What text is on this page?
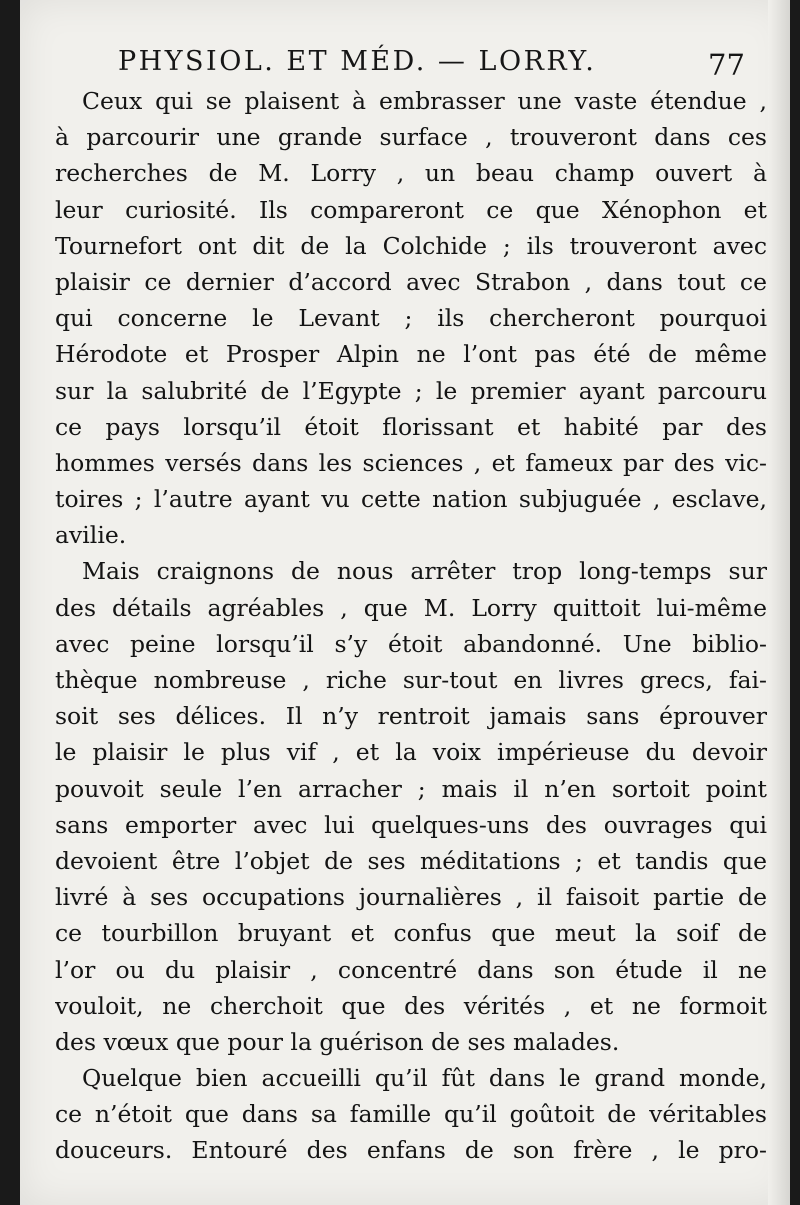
PHYSIOL. ET MÉD. — LORRY.	77
Ceux qui se plaisent à embrasser une vaste étendue ,
à parcourir une grande surface , trouveront dans ces
recherches de M. Lorry , un beau champ ouvert à
leur curiosité. Ils compareront ce que Xénophon et
Tournefort ont dit de la Colchide ; ils trouveront avec
plaisir ce dernier d’accord avec Strabon , dans tout ce
qui concerne le Levant ; ils chercheront pourquoi
Hérodote et Prosper Alpin ne l’ont pas été de même
sur la salubrité de l’Egypte ; le premier ayant parcouru
ce pays lorsqu’il étoit florissant et habité par des
hommes versés dans les sciences , et fameux par des vic-
toires ; l’autre ayant vu cette nation subjuguée , esclave,
avilie.
Mais craignons de nous arrêter trop long-temps sur
des détails agréables , que M. Lorry quittoit lui-même
avec peine lorsqu’il s’y étoit abandonné. Une biblio-
thèque nombreuse , riche sur-tout en livres grecs, fai-
soit ses délices. Il n’y rentroit jamais sans éprouver
le plaisir le plus vif , et la voix impérieuse du devoir
pouvoit seule l’en arracher ; mais il n’en sortoit point
sans emporter avec lui quelques-uns des ouvrages qui
devoient être l’objet de ses méditations ; et tandis que
livré à ses occupations journalières , il faisoit partie de
ce tourbillon bruyant et confus que meut la soif de
l’or ou du plaisir , concentré dans son étude il ne
vouloit, ne cherchoit que des vérités , et ne formoit
des vœux que pour la guérison de ses malades.
Quelque bien accueilli qu’il fût dans le grand monde,
ce n’étoit que dans sa famille qu’il goûtoit de véritables
douceurs. Entouré des enfans de son frère , le pro-
